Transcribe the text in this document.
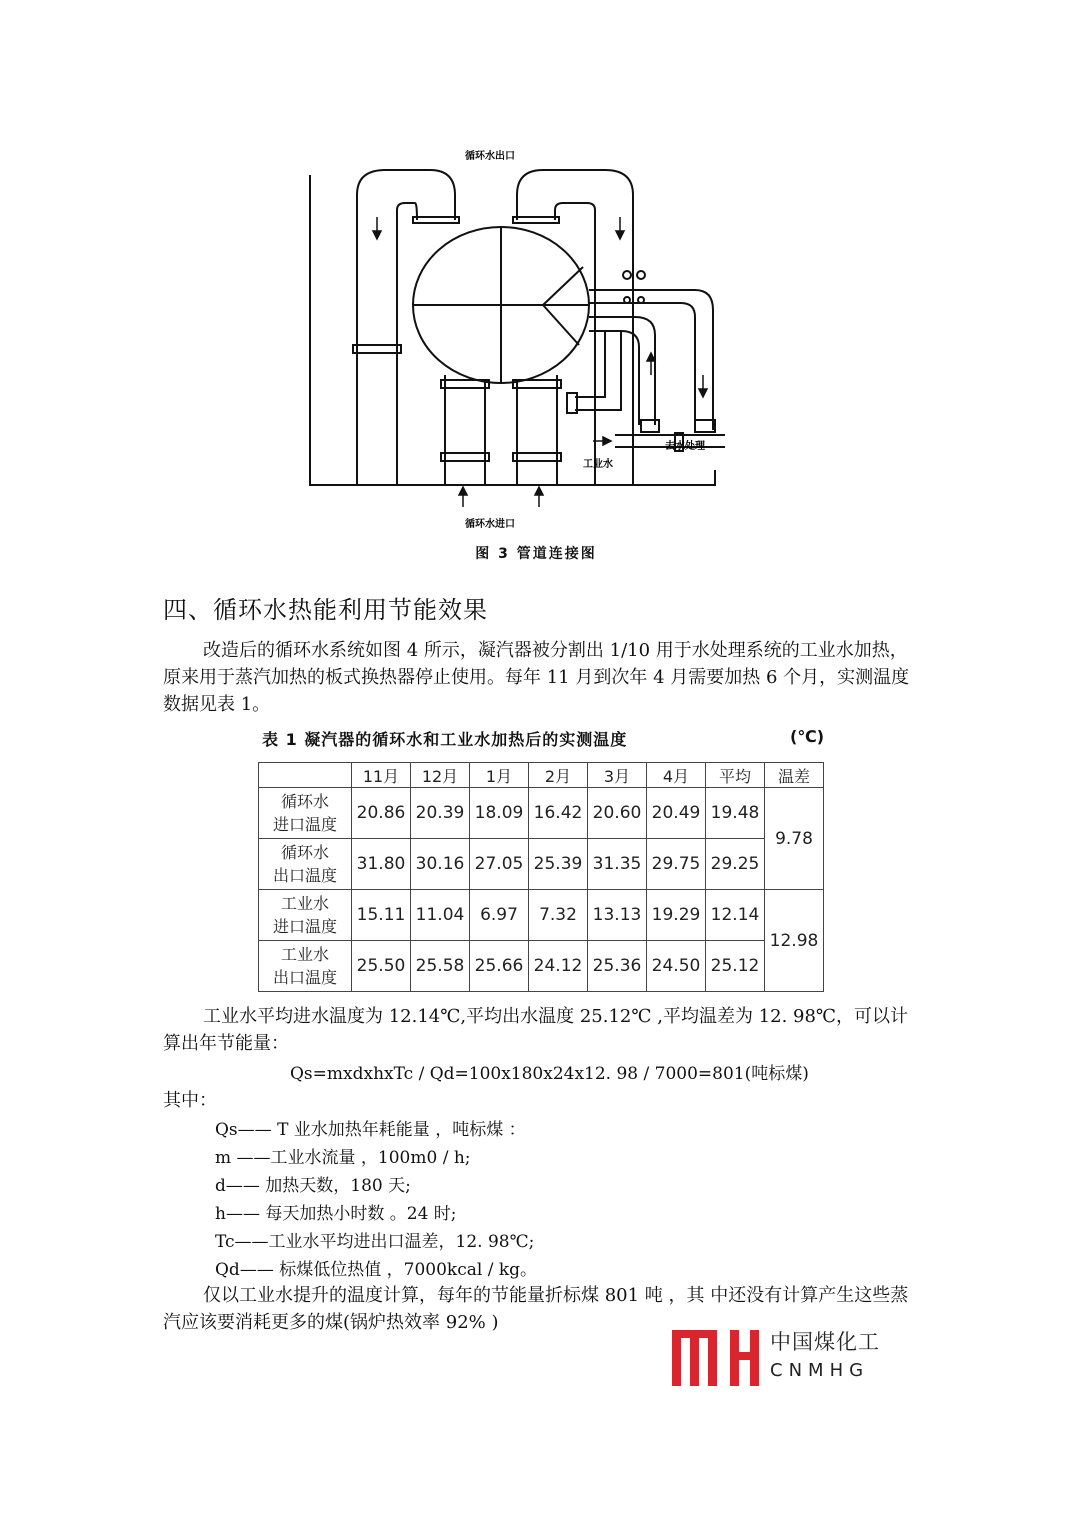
循环水出口
循环水进口
工业水
去水处理
图 3 管道连接图
四、循环水热能利用节能效果
改造后的循环水系统如图 4 所示，凝汽器被分割出 1/10 用于水处理系统的工业水加热，原来用于蒸汽加热的板式换热器停止使用。每年 11 月到次年 4 月需要加热 6 个月，实测温度数据见表 1。
表 1 凝汽器的循环水和工业水加热后的实测温度	(℃)
	11月	12月	1月	2月	3月	4月	平均	温差
循环水
进口温度	20.86	20.39	18.09	16.42	20.60	20.49	19.48	9.78
循环水
出口温度	31.80	30.16	27.05	25.39	31.35	29.75	29.25	
工业水
进口温度	15.11	11.04	6.97	7.32	13.13	19.29	12.14	12.98
工业水
出口温度	25.50	25.58	25.66	24.12	25.36	24.50	25.12	
工业水平均进水温度为 12.14℃,平均出水温度 25.12℃ ,平均温差为 12. 98℃，可以计算出年节能量：
Qs=mxdxhxTc / Qd=100x180x24x12. 98 / 7000=801(吨标煤)
其中：
Qs—— T 业水加热年耗能量 ，吨标煤 ：
m ——工业水流量 ，100m0 / h;
d—— 加热天数，180 天;
h—— 每天加热小时数 。24 时;
Tc——工业水平均进出口温差，12. 98℃;
Qd—— 标煤低位热值 ，7000kcal / kg。
仅以工业水提升的温度计算，每年的节能量折标煤 801 吨 ，其 中还没有计算产生这些蒸汽应该要消耗更多的煤(锅炉热效率 92% )
中国煤化工
CNMHG
